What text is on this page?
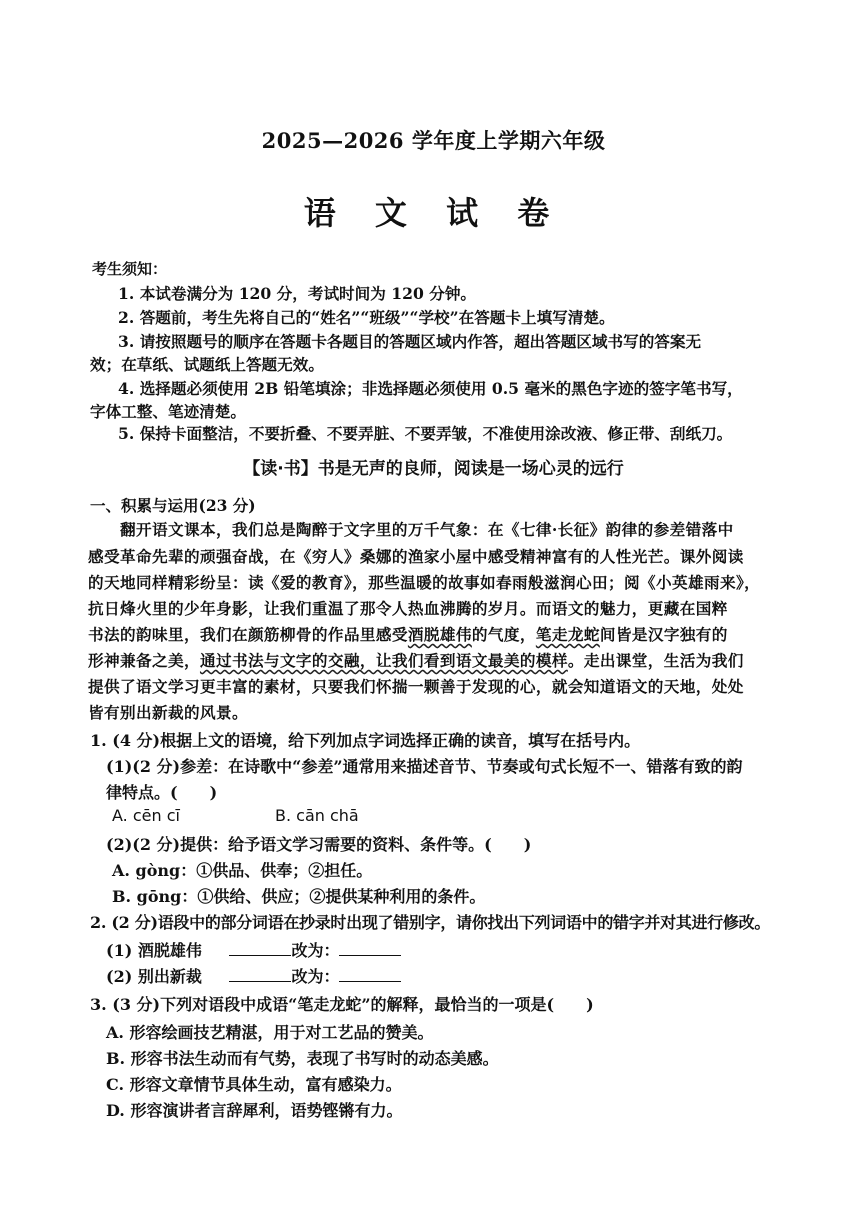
2025—2026 学年度上学期六年级
语 文 试 卷
考生须知：
1. 本试卷满分为 120 分，考试时间为 120 分钟。
2. 答题前，考生先将自己的“姓名”“班级”“学校”在答题卡上填写清楚。
3. 请按照题号的顺序在答题卡各题目的答题区域内作答，超出答题区域书写的答案无
效；在草纸、试题纸上答题无效。
4. 选择题必须使用 2B 铅笔填涂；非选择题必须使用 0.5 毫米的黑色字迹的签字笔书写，
字体工整、笔迹清楚。
5. 保持卡面整洁，不要折叠、不要弄脏、不要弄皱，不准使用涂改液、修正带、刮纸刀。
【读·书】书是无声的良师，阅读是一场心灵的远行
一、积累与运用(23 分)
翻开语文课本，我们总是陶醉于文字里的万千气象：在《七律·长征》韵律的参差错落中
感受革命先辈的顽强奋战，在《穷人》桑娜的渔家小屋中感受精神富有的人性光芒。课外阅读
的天地同样精彩纷呈：读《爱的教育》，那些温暖的故事如春雨般滋润心田；阅《小英雄雨来》，
抗日烽火里的少年身影，让我们重温了那令人热血沸腾的岁月。而语文的魅力，更藏在国粹
书法的韵味里，我们在颜筋柳骨的作品里感受酒脱雄伟的气度，笔走龙蛇间皆是汉字独有的
形神兼备之美，通过书法与文字的交融，让我们看到语文最美的模样。走出课堂，生活为我们
提供了语文学习更丰富的素材，只要我们怀揣一颗善于发现的心，就会知道语文的天地，处处
皆有别出新裁的风景。
1. (4 分)根据上文的语境，给下列加点字词选择正确的读音，填写在括号内。
(1)(2 分)参差：在诗歌中“参差”通常用来描述音节、节奏或句式长短不一、错落有致的韵
律特点。(　　)
A. cēn cī	B. cān chā
(2)(2 分)提供：给予语文学习需要的资料、条件等。(　　)
A. gòng：①供品、供奉；②担任。
B. gōng：①供给、供应；②提供某种利用的条件。
2. (2 分)语段中的部分词语在抄录时出现了错别字，请你找出下列词语中的错字并对其进行修改。
(1) 酒脱雄伟	改为：
(2) 别出新裁	改为：
3. (3 分)下列对语段中成语“笔走龙蛇”的解释，最恰当的一项是(　　)
A. 形容绘画技艺精湛，用于对工艺品的赞美。
B. 形容书法生动而有气势，表现了书写时的动态美感。
C. 形容文章情节具体生动，富有感染力。
D. 形容演讲者言辞犀利，语势铿锵有力。
